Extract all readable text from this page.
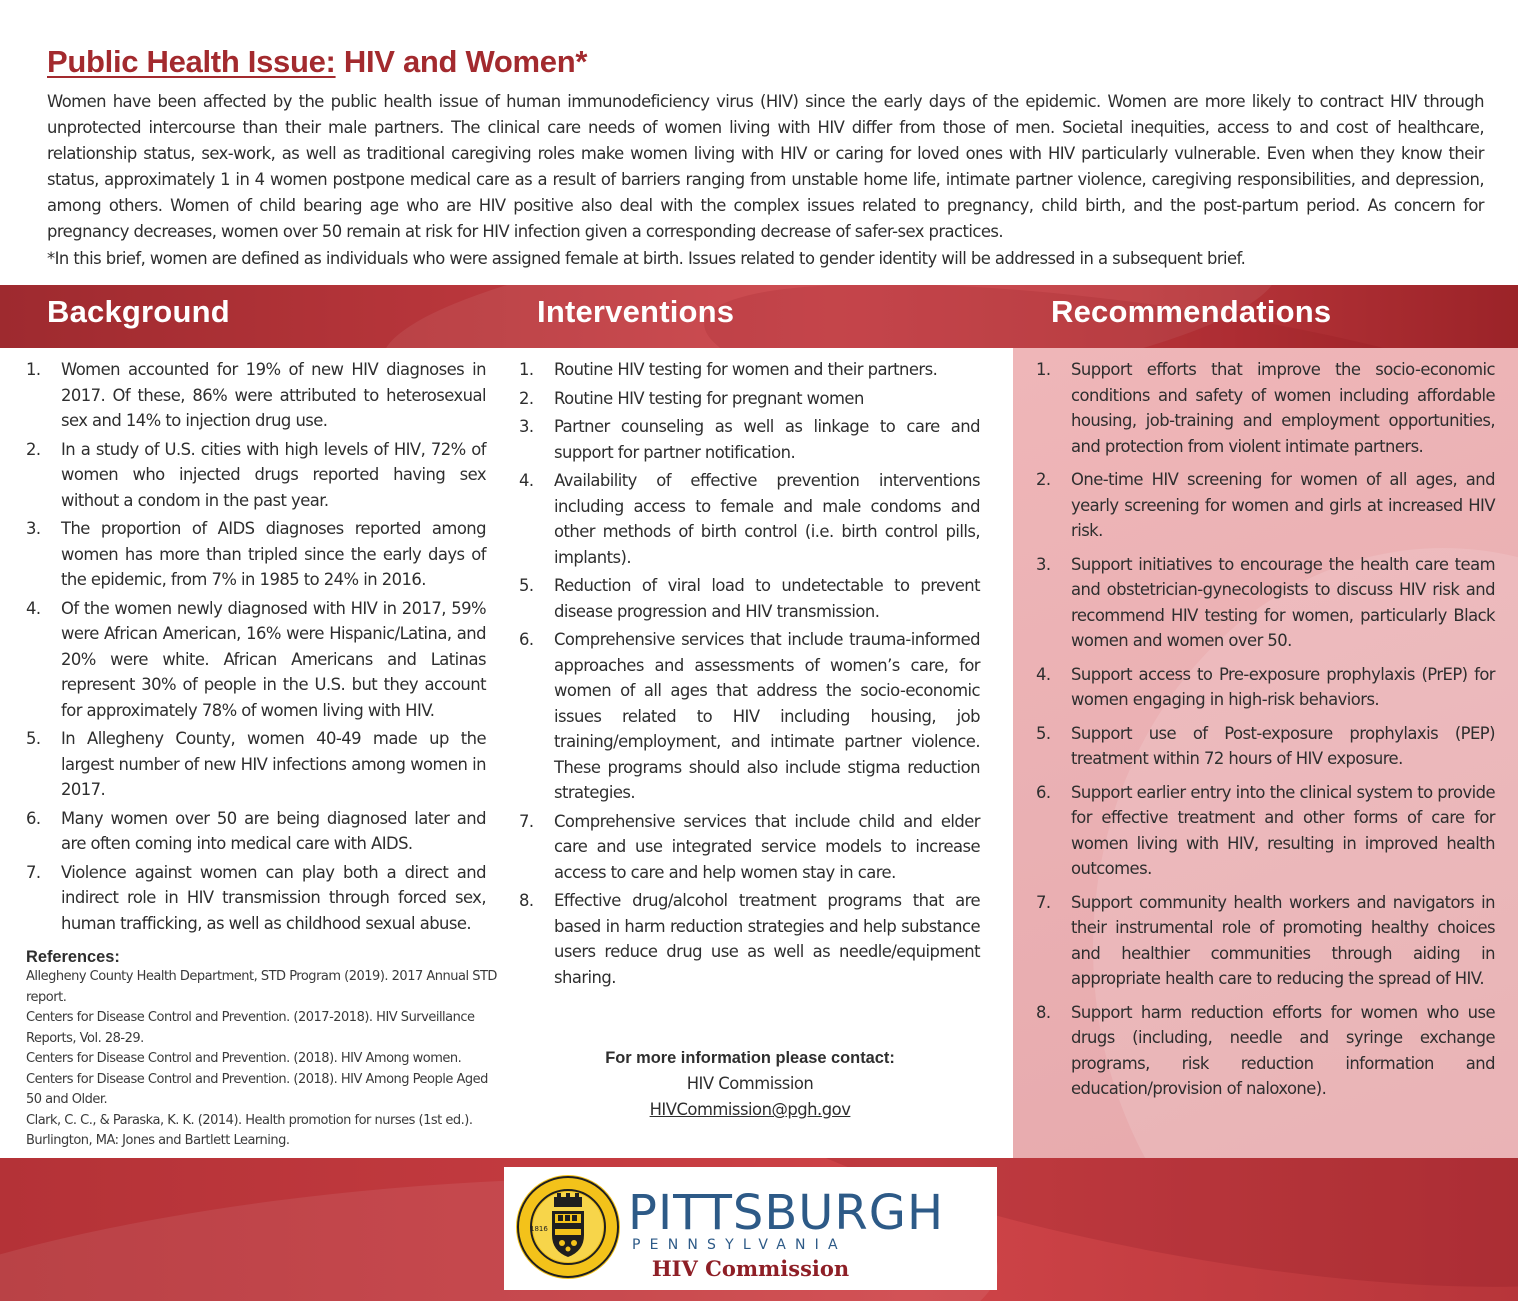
Public Health Issue: HIV and Women*

Women have been affected by the public health issue of human immunodeficiency virus (HIV) since the early days of the epidemic. Women are more likely to contract HIV through unprotected intercourse than their male partners. The clinical care needs of women living with HIV differ from those of men. Societal inequities, access to and cost of healthcare, relationship status, sex-work, as well as traditional caregiving roles make women living with HIV or caring for loved ones with HIV particularly vulnerable. Even when they know their status, approximately 1 in 4 women postpone medical care as a result of barriers ranging from unstable home life, intimate partner violence, caregiving responsibilities, and depression, among others. Women of child bearing age who are HIV positive also deal with the complex issues related to pregnancy, child birth, and the post-partum period. As concern for pregnancy decreases, women over 50 remain at risk for HIV infection given a corresponding decrease of safer-sex practices.

*In this brief, women are defined as individuals who were assigned female at birth. Issues related to gender identity will be addressed in a subsequent brief.

Background	Interventions	Recommendations
1. Women accounted for 19% of new HIV diagnoses in 2017. Of these, 86% were attributed to heterosexual sex and 14% to injection drug use.
2. In a study of U.S. cities with high levels of HIV, 72% of women who injected drugs reported having sex without a condom in the past year.
3. The proportion of AIDS diagnoses reported among women has more than tripled since the early days of the epidemic, from 7% in 1985 to 24% in 2016.
4. Of the women newly diagnosed with HIV in 2017, 59% were African American, 16% were Hispanic/Latina, and 20% were white. African Americans and Latinas represent 30% of people in the U.S. but they account for approximately 78% of women living with HIV.
5. In Allegheny County, women 40-49 made up the largest number of new HIV infections among women in 2017.
6. Many women over 50 are being diagnosed later and are often coming into medical care with AIDS.
7. Violence against women can play both a direct and indirect role in HIV transmission through forced sex, human trafficking, as well as childhood sexual abuse.
References:
Allegheny County Health Department, STD Program (2019). 2017 Annual STD report.
Centers for Disease Control and Prevention. (2017-2018). HIV Surveillance Reports, Vol. 28-29.
Centers for Disease Control and Prevention. (2018). HIV Among women.
Centers for Disease Control and Prevention. (2018). HIV Among People Aged 50 and Older.
Clark, C. C., & Paraska, K. K. (2014). Health promotion for nurses (1st ed.). Burlington, MA: Jones and Bartlett Learning.
1. Routine HIV testing for women and their partners.
2. Routine HIV testing for pregnant women
3. Partner counseling as well as linkage to care and support for partner notification.
4. Availability of effective prevention interventions including access to female and male condoms and other methods of birth control (i.e. birth control pills, implants).
5. Reduction of viral load to undetectable to prevent disease progression and HIV transmission.
6. Comprehensive services that include trauma-informed approaches and assessments of women’s care, for women of all ages that address the socio-economic issues related to HIV including housing, job training/employment, and intimate partner violence. These programs should also include stigma reduction strategies.
7. Comprehensive services that include child and elder care and use integrated service models to increase access to care and help women stay in care.
8. Effective drug/alcohol treatment programs that are based in harm reduction strategies and help substance users reduce drug use as well as needle/equipment sharing.
For more information please contact:
HIV Commission
HIVCommission@pgh.gov
1. Support efforts that improve the socio-economic conditions and safety of women including affordable housing, job-training and employment opportunities, and protection from violent intimate partners.
2. One-time HIV screening for women of all ages, and yearly screening for women and girls at increased HIV risk.
3. Support initiatives to encourage the health care team and obstetrician-gynecologists to discuss HIV risk and recommend HIV testing for women, particularly Black women and women over 50.
4. Support access to Pre-exposure prophylaxis (PrEP) for women engaging in high-risk behaviors.
5. Support use of Post-exposure prophylaxis (PEP) treatment within 72 hours of HIV exposure.
6. Support earlier entry into the clinical system to provide for effective treatment and other forms of care for women living with HIV, resulting in improved health outcomes.
7. Support community health workers and navigators in their instrumental role of promoting healthy choices and healthier communities through aiding in appropriate health care to reducing the spread of HIV.
8. Support harm reduction efforts for women who use drugs (including, needle and syringe exchange programs, risk reduction information and education/provision of naloxone).
1816 PITTSBURGH
PENNSYLVANIA
HIV Commission
